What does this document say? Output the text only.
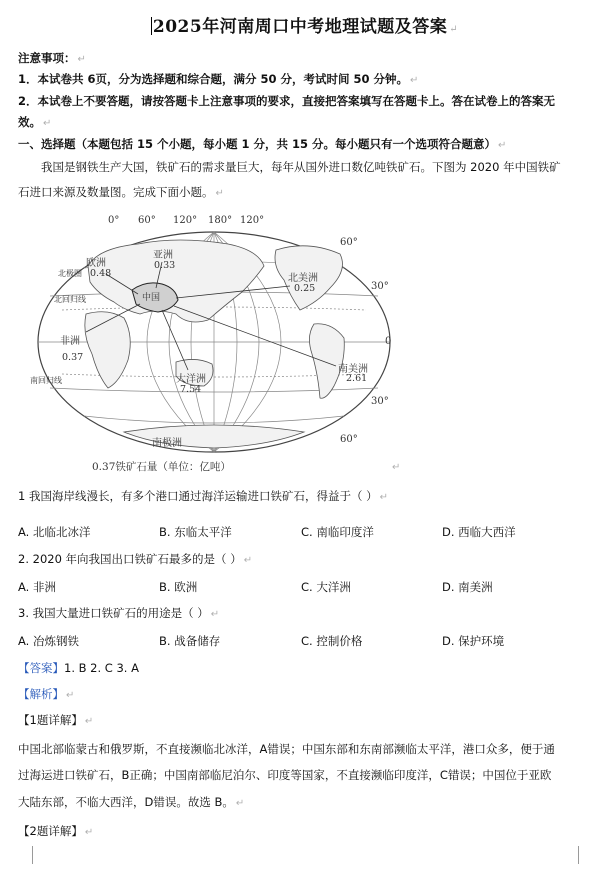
2025年河南周口中考地理试题及答案 ↵
注意事项： ↵
1．本试卷共 6页，分为选择题和综合题，满分 50 分，考试时间 50 分钟。 ↵
2．本试卷上不要答题，请按答题卡上注意事项的要求，直接把答案填写在答题卡上。答在试卷上的答案无
效。 ↵
一、选择题（本题包括 15 个小题，每小题 1 分，共 15 分。每小题只有一个选项符合题意） ↵
我国是钢铁生产大国，铁矿石的需求量巨大，每年从国外进口数亿吨铁矿石。下图为 2020 年中国铁矿
石进口来源及数量图。完成下面小题。 ↵
0° 60° 120° 180° 120°
60°
30°
0
30°
60°
欧洲
0.48
亚洲
0.33
中国
北美洲
0.25
非洲
0.37
大洋洲
7.54
南美洲
2.61
南极洲
北极圈
北回归线
南回归线
0.37铁矿石量（单位：亿吨）	↵
1 我国海岸线漫长，有多个港口通过海洋运输进口铁矿石，得益于（ ） ↵
A. 北临北冰洋	B. 东临太平洋	C. 南临印度洋	D. 西临大西洋
2. 2020 年向我国出口铁矿石最多的是（ ） ↵
A. 非洲	B. 欧洲	C. 大洋洲	D. 南美洲
3. 我国大量进口铁矿石的用途是（ ） ↵
A. 冶炼钢铁	B. 战备储存	C. 控制价格	D. 保护环境
【答案】1. B 2. C 3. A
【解析】 ↵
【1题详解】 ↵
中国北部临蒙古和俄罗斯，不直接濒临北冰洋，A错误；中国东部和东南部濒临太平洋，港口众多，便于通
过海运进口铁矿石，B正确；中国南部临尼泊尔、印度等国家，不直接濒临印度洋，C错误；中国位于亚欧
大陆东部，不临大西洋，D错误。故选 B。 ↵
【2题详解】 ↵
